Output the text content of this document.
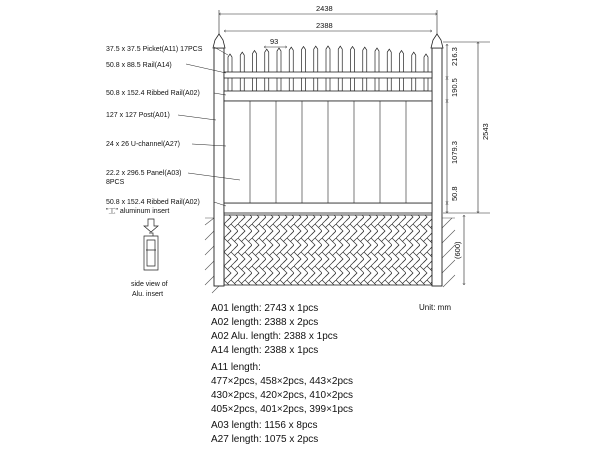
37.5 x 37.5 Picket(A11) 17PCS
50.8 x 88.5 Rail(A14)
50.8 x 152.4 Ribbed Rail(A02)
127 x 127 Post(A01)
24 x 26 U-channel(A27)
22.2 x 296.5 Panel(A03)
8PCS
50.8 x 152.4 Ribbed Rail(A02)
"工" aluminum insert
side view of
Alu. insert
2438
2388
93
216.3
190.5
1079.3
50.8
2543
(600)
Unit: mm
A01 length: 2743 x 1pcs
A02 length: 2388 x 2pcs
A02 Alu. length: 2388 x 1pcs
A14 length: 2388 x 1pcs
A11 length:
477×2pcs, 458×2pcs, 443×2pcs
430×2pcs, 420×2pcs, 410×2pcs
405×2pcs, 401×2pcs, 399×1pcs
A03 length: 1156 x 8pcs
A27 length: 1075 x 2pcs
